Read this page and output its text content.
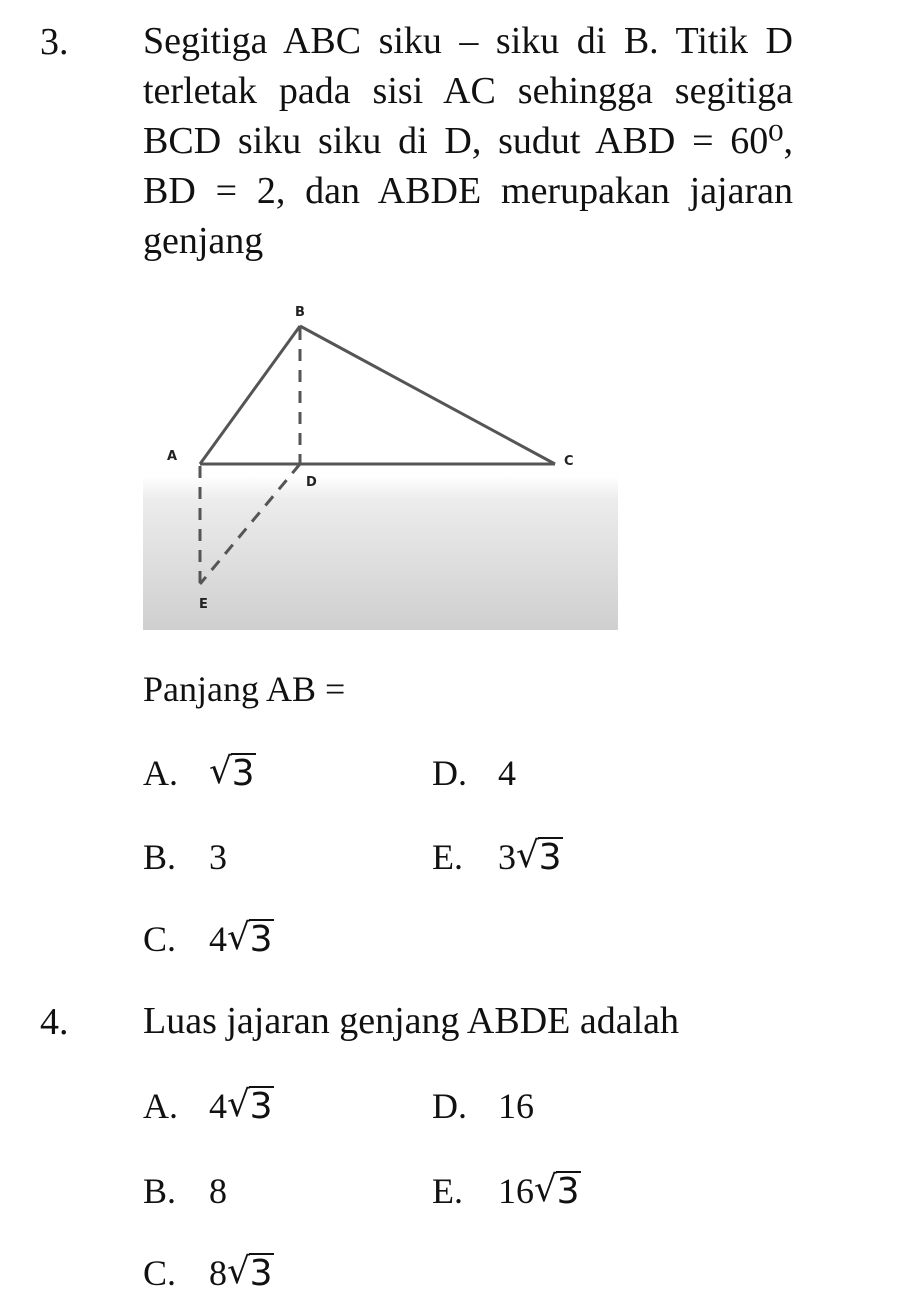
3. Segitiga ABC siku – siku di B. Titik D
terletak pada sisi AC sehingga segitiga
BCD siku siku di D, sudut ABD = 60⁰,
BD = 2, dan ABDE merupakan jajaran
genjang
B
A	C
D
E
Panjang AB =
A. √ 3	D. 4
B. 3	E. 3 √ 3
C. 4 √ 3
4. Luas jajaran genjang ABDE adalah
A. 4 √ 3	D. 16
B. 8	E. 16 √ 3
C. 8 √ 3
